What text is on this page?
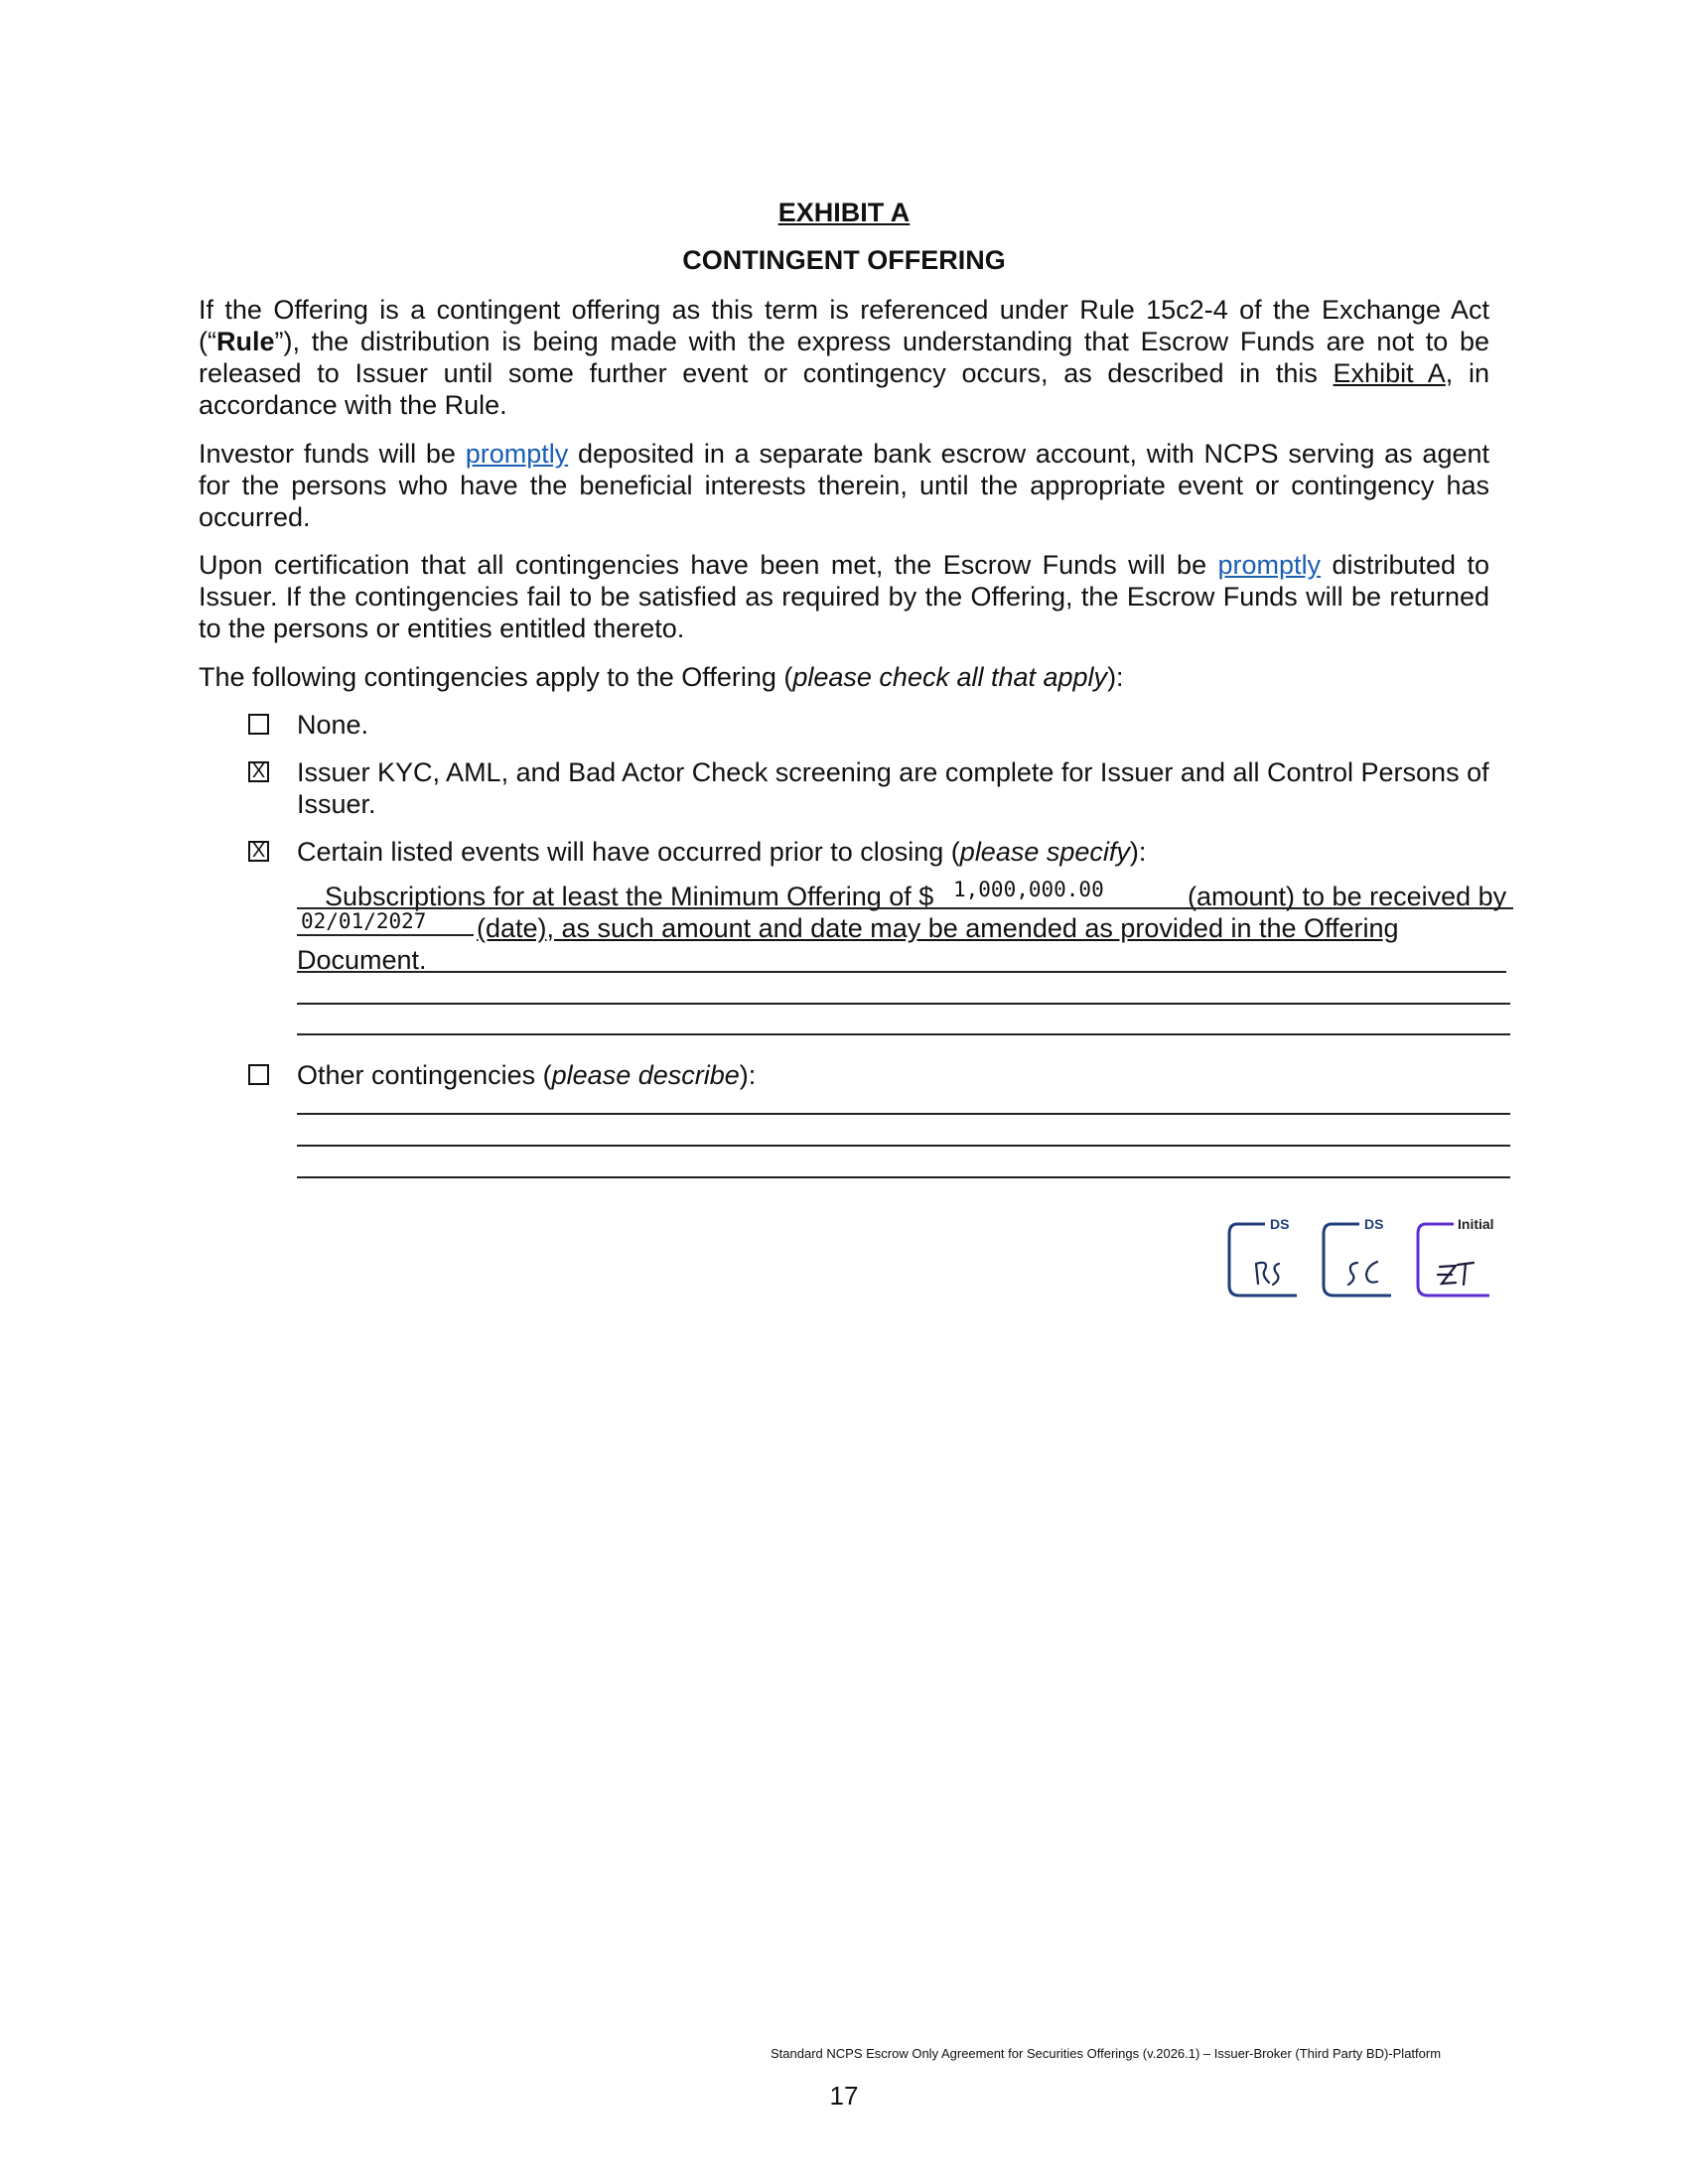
EXHIBIT A
CONTINGENT OFFERING

If the Offering is a contingent offering as this term is referenced under Rule 15c2-4 of the Exchange Act (“Rule”), the distribution is being made with the express understanding that Escrow Funds are not to be released to Issuer until some further event or contingency occurs, as described in this Exhibit A, in accordance with the Rule.

Investor funds will be promptly deposited in a separate bank escrow account, with NCPS serving as agent for the persons who have the beneficial interests therein, until the appropriate event or contingency has occurred.

Upon certification that all contingencies have been met, the Escrow Funds will be promptly distributed to Issuer. If the contingencies fail to be satisfied as required by the Offering, the Escrow Funds will be returned to the persons or entities entitled thereto.

The following contingencies apply to the Offering (please check all that apply):

None.

X Issuer KYC, AML, and Bad Actor Check screening are complete for Issuer and all Control Persons of Issuer.

X Certain listed events will have occurred prior to closing (please specify):

Subscriptions for at least the Minimum Offering of $ 1,000,000.00	(amount) to be received by
02/01/2027 (date), as such amount and date may be amended as provided in the Offering
Document.

Other contingencies (please describe):

DS	DS	Initial
Standard NCPS Escrow Only Agreement for Securities Offerings (v.2026.1) – Issuer-Broker (Third Party BD)-Platform
17
